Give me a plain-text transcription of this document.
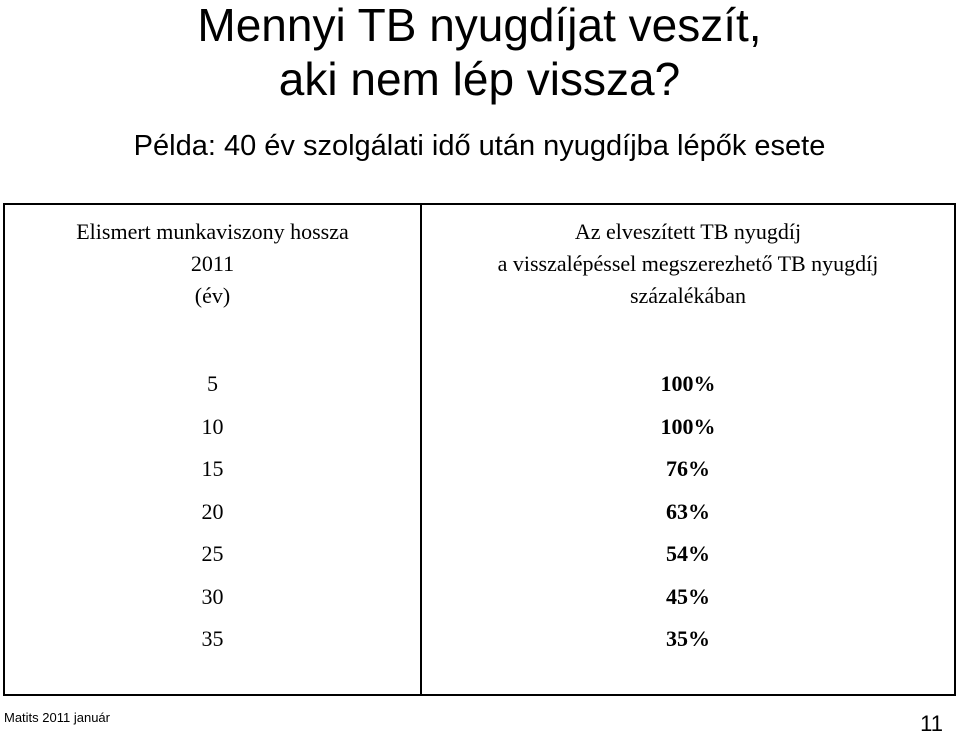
Mennyi TB nyugdíjat veszít,
aki nem lép vissza?
Példa: 40 év szolgálati idő után nyugdíjba lépők esete
Elismert munkaviszony hossza
2011
(év)
5
10
15
20
25
30
35
Az elveszített TB nyugdíj
a visszalépéssel megszerezhető TB nyugdíj
százalékában
100%
100%
76%
63%
54%
45%
35%
Matits 2011 január	11
